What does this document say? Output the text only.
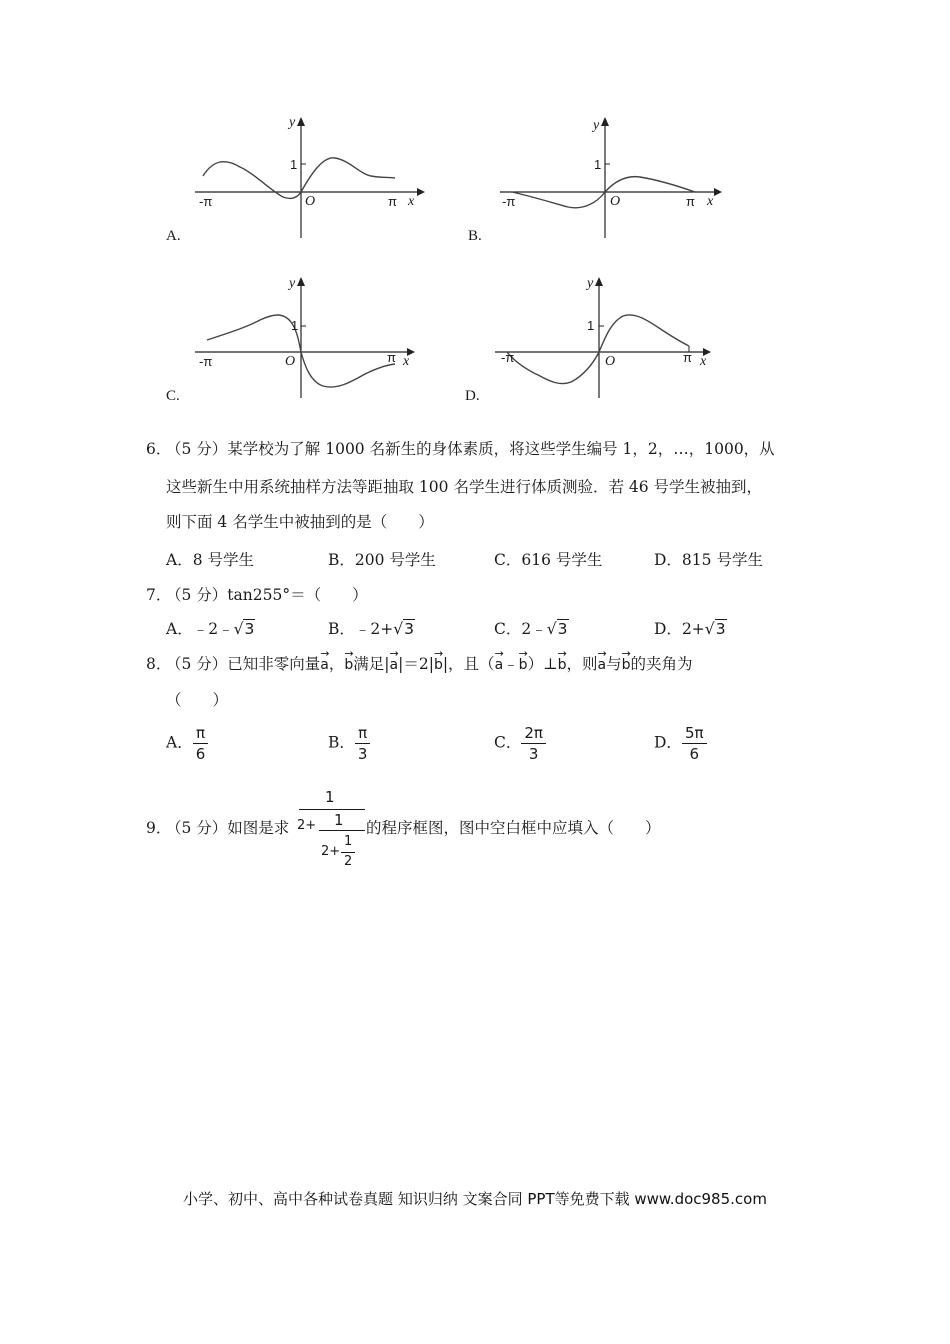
-π	π x
y
1
O
A.
-π	π x
y
1
O
B.
-π	π x
y
1
O
C.
-π	π x
y
1
O
D.
6．
（5 分）某学校为了解 1000 名新生的身体素质，将这些学生编号 1，2，…，1000，从
这些新生中用系统抽样方法等距抽取 100 名学生进行体质测验．若 46 号学生被抽到，
则下面 4 名学生中被抽到的是（　　）
A．8 号学生	B．200 号学生	C．616 号学生	D．815 号学生
7．
（5 分）tan255°＝（　　）
A．﹣2﹣√3	B．﹣2+√3	C．2﹣√3	D．2+√3
8．
（5 分）已知非零向量→ a，→ b满足|→ a|＝2|→ b|，且（→ a﹣→ b）⊥→ b，则→ a与→ b的夹角为
（　　）
A． $\frac{\pi}{6}$	B． $\frac{\pi}{3}$	C． $\frac{2\pi}{3}$	D． $\frac{5\pi}{6}$
9．
（5 分）如图是求
1
2+ 1
2+
1
2
的程序框图，图中空白框中应填入（　　）
小学、初中、高中各种试卷真题 知识归纳 文案合同 PPT等免费下载 www.doc985.com
